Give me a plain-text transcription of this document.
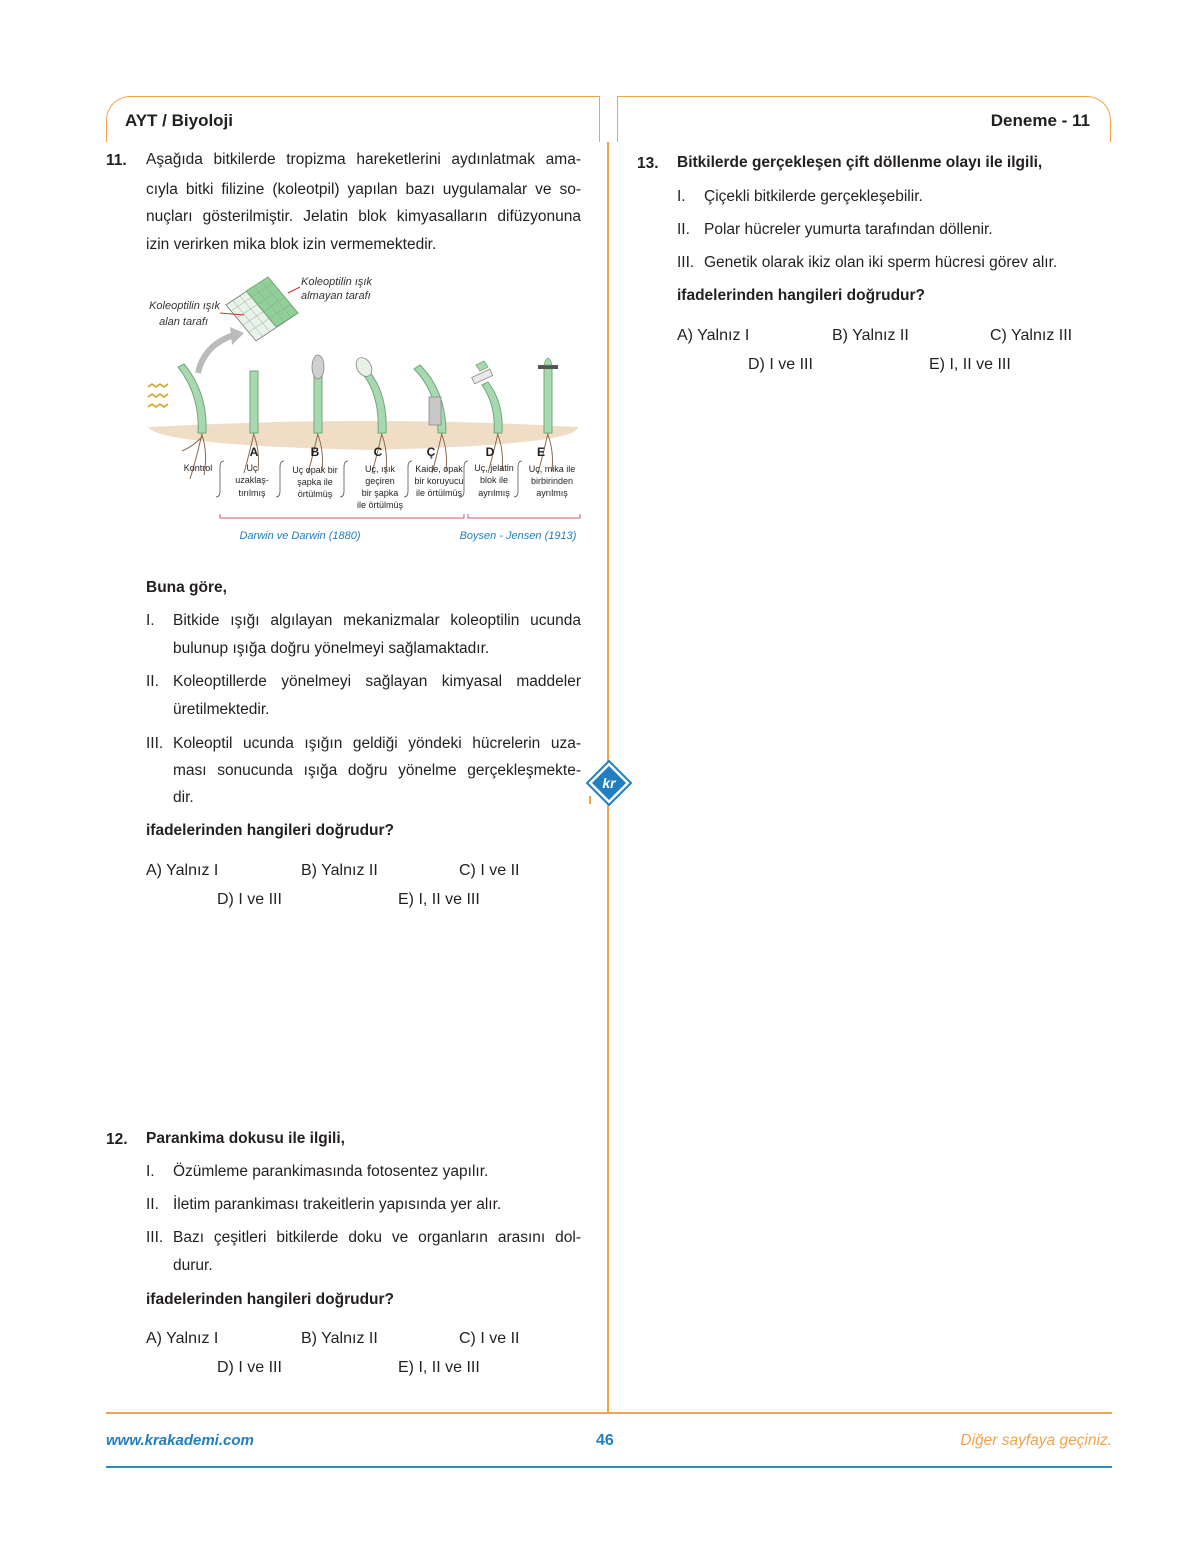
AYT / Biyoloji	Deneme - 11
11. Aşağıda bitkilerde tropizma hareketlerini aydınlatmak ama-
cıyla bitki filizine (koleotpil) yapılan bazı uygulamalar ve so-
nuçları gösterilmiştir. Jelatin blok kimyasalların difüzyonuna
izin verirken mika blok izin vermemektedir.
Koleoptilin ışık
almayan tarafı
Koleoptilin ışık
alan tarafı
A	B	C	Ç	D	E
Kontrol	Uç
uzaklaş-
tırılmış
Uç opak bir
şapka ile
örtülmüş
Uç, ışık
geçiren
bir şapka
ile örtülmüş
Kaide, opak
bir koruyucu
ile örtülmüş
Uç, jelatin
blok ile
ayrılmış
Uç, mika ile
birbirinden
ayrılmış
Darwin ve Darwin (1880)	Boysen - Jensen (1913)
Buna göre,
I. Bitkide ışığı algılayan mekanizmalar koleoptilin ucunda
bulunup ışığa doğru yönelmeyi sağlamaktadır.
II. Koleoptillerde yönelmeyi sağlayan kimyasal maddeler
üretilmektedir.
III. Koleoptil ucunda ışığın geldiği yöndeki hücrelerin uza-
ması sonucunda ışığa doğru yönelme gerçekleşmekte-
dir.
ifadelerinden hangileri doğrudur?
A) Yalnız I	B) Yalnız II	C) I ve II
D) I ve III	E) I, II ve III
kr
12. Parankima dokusu ile ilgili,
I. Özümleme parankimasında fotosentez yapılır.
II. İletim parankiması trakeitlerin yapısında yer alır.
III. Bazı çeşitleri bitkilerde doku ve organların arasını dol-
durur.
ifadelerinden hangileri doğrudur?
A) Yalnız I	B) Yalnız II	C) I ve II
D) I ve III	E) I, II ve III
13. Bitkilerde gerçekleşen çift döllenme olayı ile ilgili,
I. Çiçekli bitkilerde gerçekleşebilir.
II. Polar hücreler yumurta tarafından döllenir.
III. Genetik olarak ikiz olan iki sperm hücresi görev alır.
ifadelerinden hangileri doğrudur?
A) Yalnız I	B) Yalnız II	C) Yalnız III
D) I ve III	E) I, II ve III
www.krakademi.com	46	Diğer sayfaya geçiniz.
